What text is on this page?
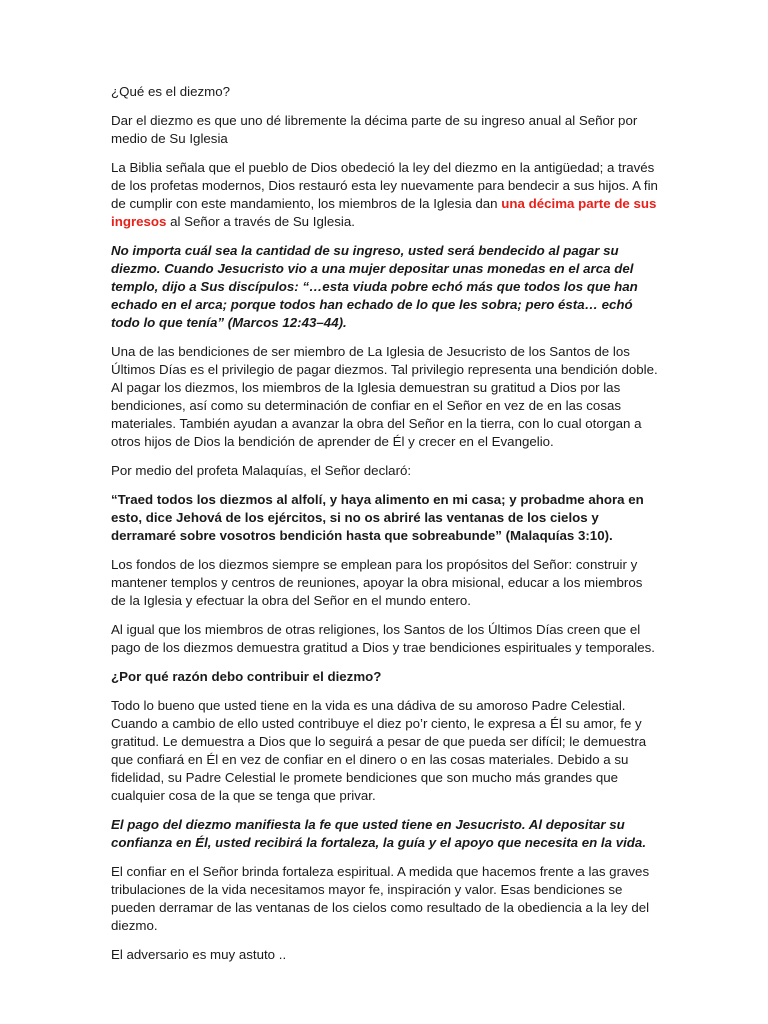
¿Qué es el diezmo?

Dar el diezmo es que uno dé libremente la décima parte de su ingreso anual al Señor por medio de Su Iglesia

La Biblia señala que el pueblo de Dios obedeció la ley del diezmo en la antigüedad; a través de los profetas modernos, Dios restauró esta ley nuevamente para bendecir a sus hijos. A fin de cumplir con este mandamiento, los miembros de la Iglesia dan una décima parte de sus ingresos al Señor a través de Su Iglesia.

No importa cuál sea la cantidad de su ingreso, usted será bendecido al pagar su diezmo. Cuando Jesucristo vio a una mujer depositar unas monedas en el arca del templo, dijo a Sus discípulos: “…esta viuda pobre echó más que todos los que han echado en el arca; porque todos han echado de lo que les sobra; pero ésta… echó todo lo que tenía” (Marcos 12:43–44).

Una de las bendiciones de ser miembro de La Iglesia de Jesucristo de los Santos de los Últimos Días es el privilegio de pagar diezmos. Tal privilegio representa una bendición doble. Al pagar los diezmos, los miembros de la Iglesia demuestran su gratitud a Dios por las bendiciones, así como su determinación de confiar en el Señor en vez de en las cosas materiales. También ayudan a avanzar la obra del Señor en la tierra, con lo cual otorgan a otros hijos de Dios la bendición de aprender de Él y crecer en el Evangelio.

Por medio del profeta Malaquías, el Señor declaró:

“Traed todos los diezmos al alfolí, y haya alimento en mi casa; y probadme ahora en esto, dice Jehová de los ejércitos, si no os abriré las ventanas de los cielos y derramaré sobre vosotros bendición hasta que sobreabunde” (Malaquías 3:10).

Los fondos de los diezmos siempre se emplean para los propósitos del Señor: construir y mantener templos y centros de reuniones, apoyar la obra misional, educar a los miembros de la Iglesia y efectuar la obra del Señor en el mundo entero.

Al igual que los miembros de otras religiones, los Santos de los Últimos Días creen que el pago de los diezmos demuestra gratitud a Dios y trae bendiciones espirituales y temporales.

¿Por qué razón debo contribuir el diezmo?

Todo lo bueno que usted tiene en la vida es una dádiva de su amoroso Padre Celestial. Cuando a cambio de ello usted contribuye el diez po’r ciento, le expresa a Él su amor, fe y gratitud. Le demuestra a Dios que lo seguirá a pesar de que pueda ser difícil; le demuestra que confiará en Él en vez de confiar en el dinero o en las cosas materiales. Debido a su fidelidad, su Padre Celestial le promete bendiciones que son mucho más grandes que cualquier cosa de la que se tenga que privar.

El pago del diezmo manifiesta la fe que usted tiene en Jesucristo. Al depositar su confianza en Él, usted recibirá la fortaleza, la guía y el apoyo que necesita en la vida.

El confiar en el Señor brinda fortaleza espiritual. A medida que hacemos frente a las graves tribulaciones de la vida necesitamos mayor fe, inspiración y valor. Esas bendiciones se pueden derramar de las ventanas de los cielos como resultado de la obediencia a la ley del diezmo.

El adversario es muy astuto ..
